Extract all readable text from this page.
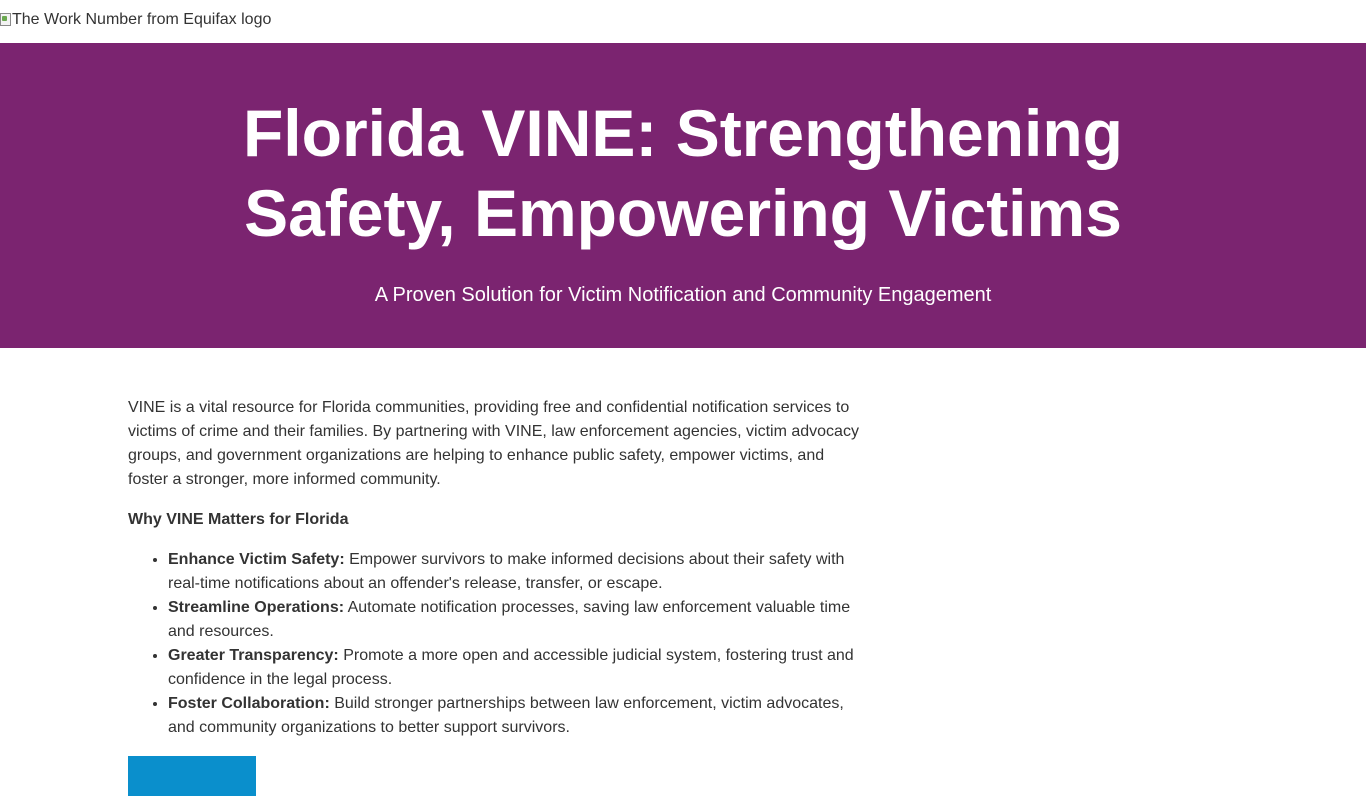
The Work Number from Equifax logo
Florida VINE: Strengthening Safety, Empowering Victims
A Proven Solution for Victim Notification and Community Engagement

VINE is a vital resource for Florida communities, providing free and confidential notification services to victims of crime and their families. By partnering with VINE, law enforcement agencies, victim advocacy groups, and government organizations are helping to enhance public safety, empower victims, and foster a stronger, more informed community.

Why VINE Matters for Florida

• Enhance Victim Safety: Empower survivors to make informed decisions about their safety with real-time notifications about an offender's release, transfer, or escape.
• Streamline Operations: Automate notification processes, saving law enforcement valuable time and resources.
• Greater Transparency: Promote a more open and accessible judicial system, fostering trust and confidence in the legal process.
• Foster Collaboration: Build stronger partnerships between law enforcement, victim advocates, and community organizations to better support survivors.
